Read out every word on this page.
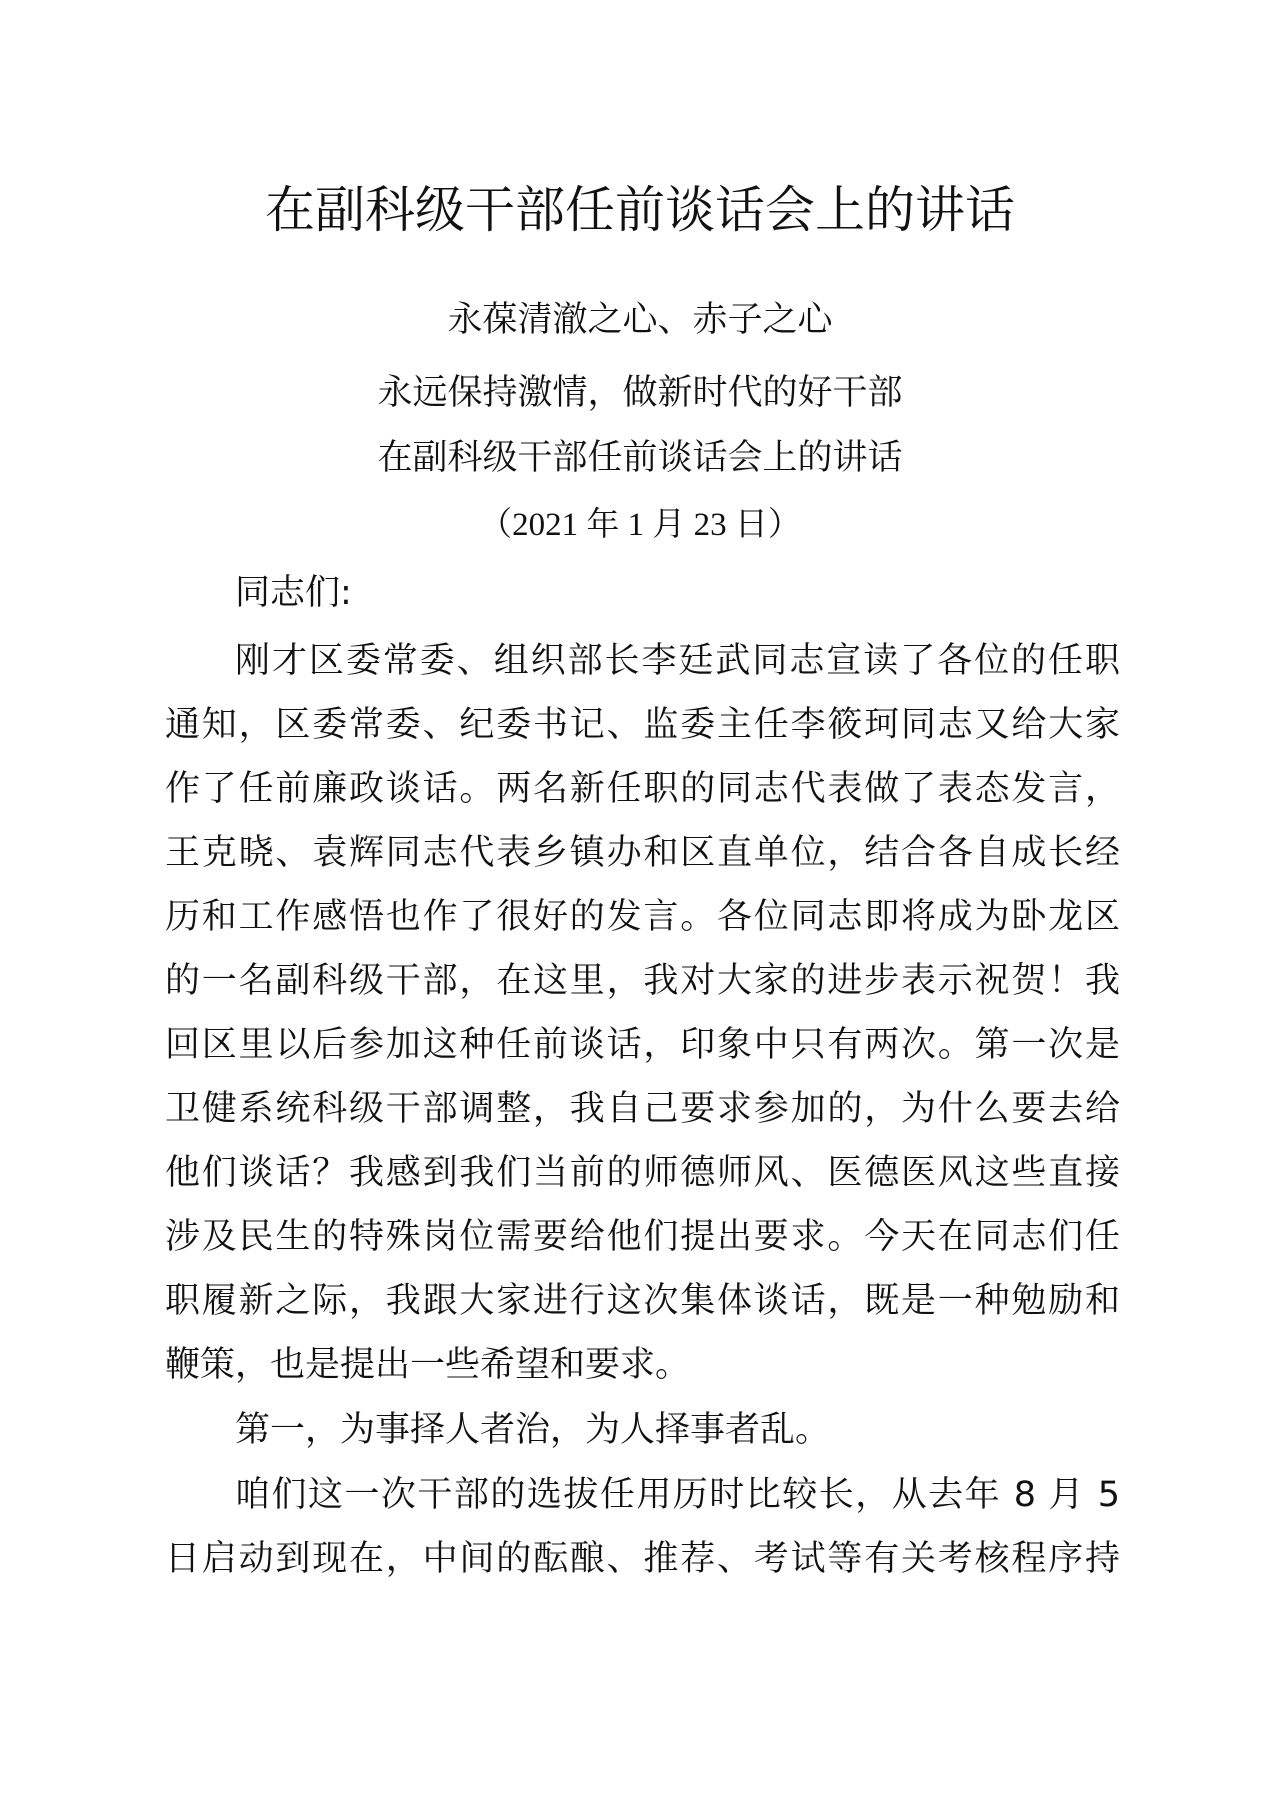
在副科级干部任前谈话会上的讲话
永葆清澈之心、赤子之心
永远保持激情，做新时代的好干部
在副科级干部任前谈话会上的讲话
（2021 年 1 月 23 日）
同志们:
刚才区委常委、组织部长李廷武同志宣读了各位的任职
通知，区委常委、纪委书记、监委主任李筱珂同志又给大家
作了任前廉政谈话。两名新任职的同志代表做了表态发言，
王克晓、袁辉同志代表乡镇办和区直单位，结合各自成长经
历和工作感悟也作了很好的发言。各位同志即将成为卧龙区
的一名副科级干部，在这里，我对大家的进步表示祝贺！我
回区里以后参加这种任前谈话，印象中只有两次。第一次是
卫健系统科级干部调整，我自己要求参加的，为什么要去给
他们谈话？我感到我们当前的师德师风、医德医风这些直接
涉及民生的特殊岗位需要给他们提出要求。今天在同志们任
职履新之际，我跟大家进行这次集体谈话，既是一种勉励和
鞭策，也是提出一些希望和要求。
第一，为事择人者治，为人择事者乱。
咱们这一次干部的选拔任用历时比较长，从去年 8 月 5
日启动到现在，中间的酝酿、推荐、考试等有关考核程序持
